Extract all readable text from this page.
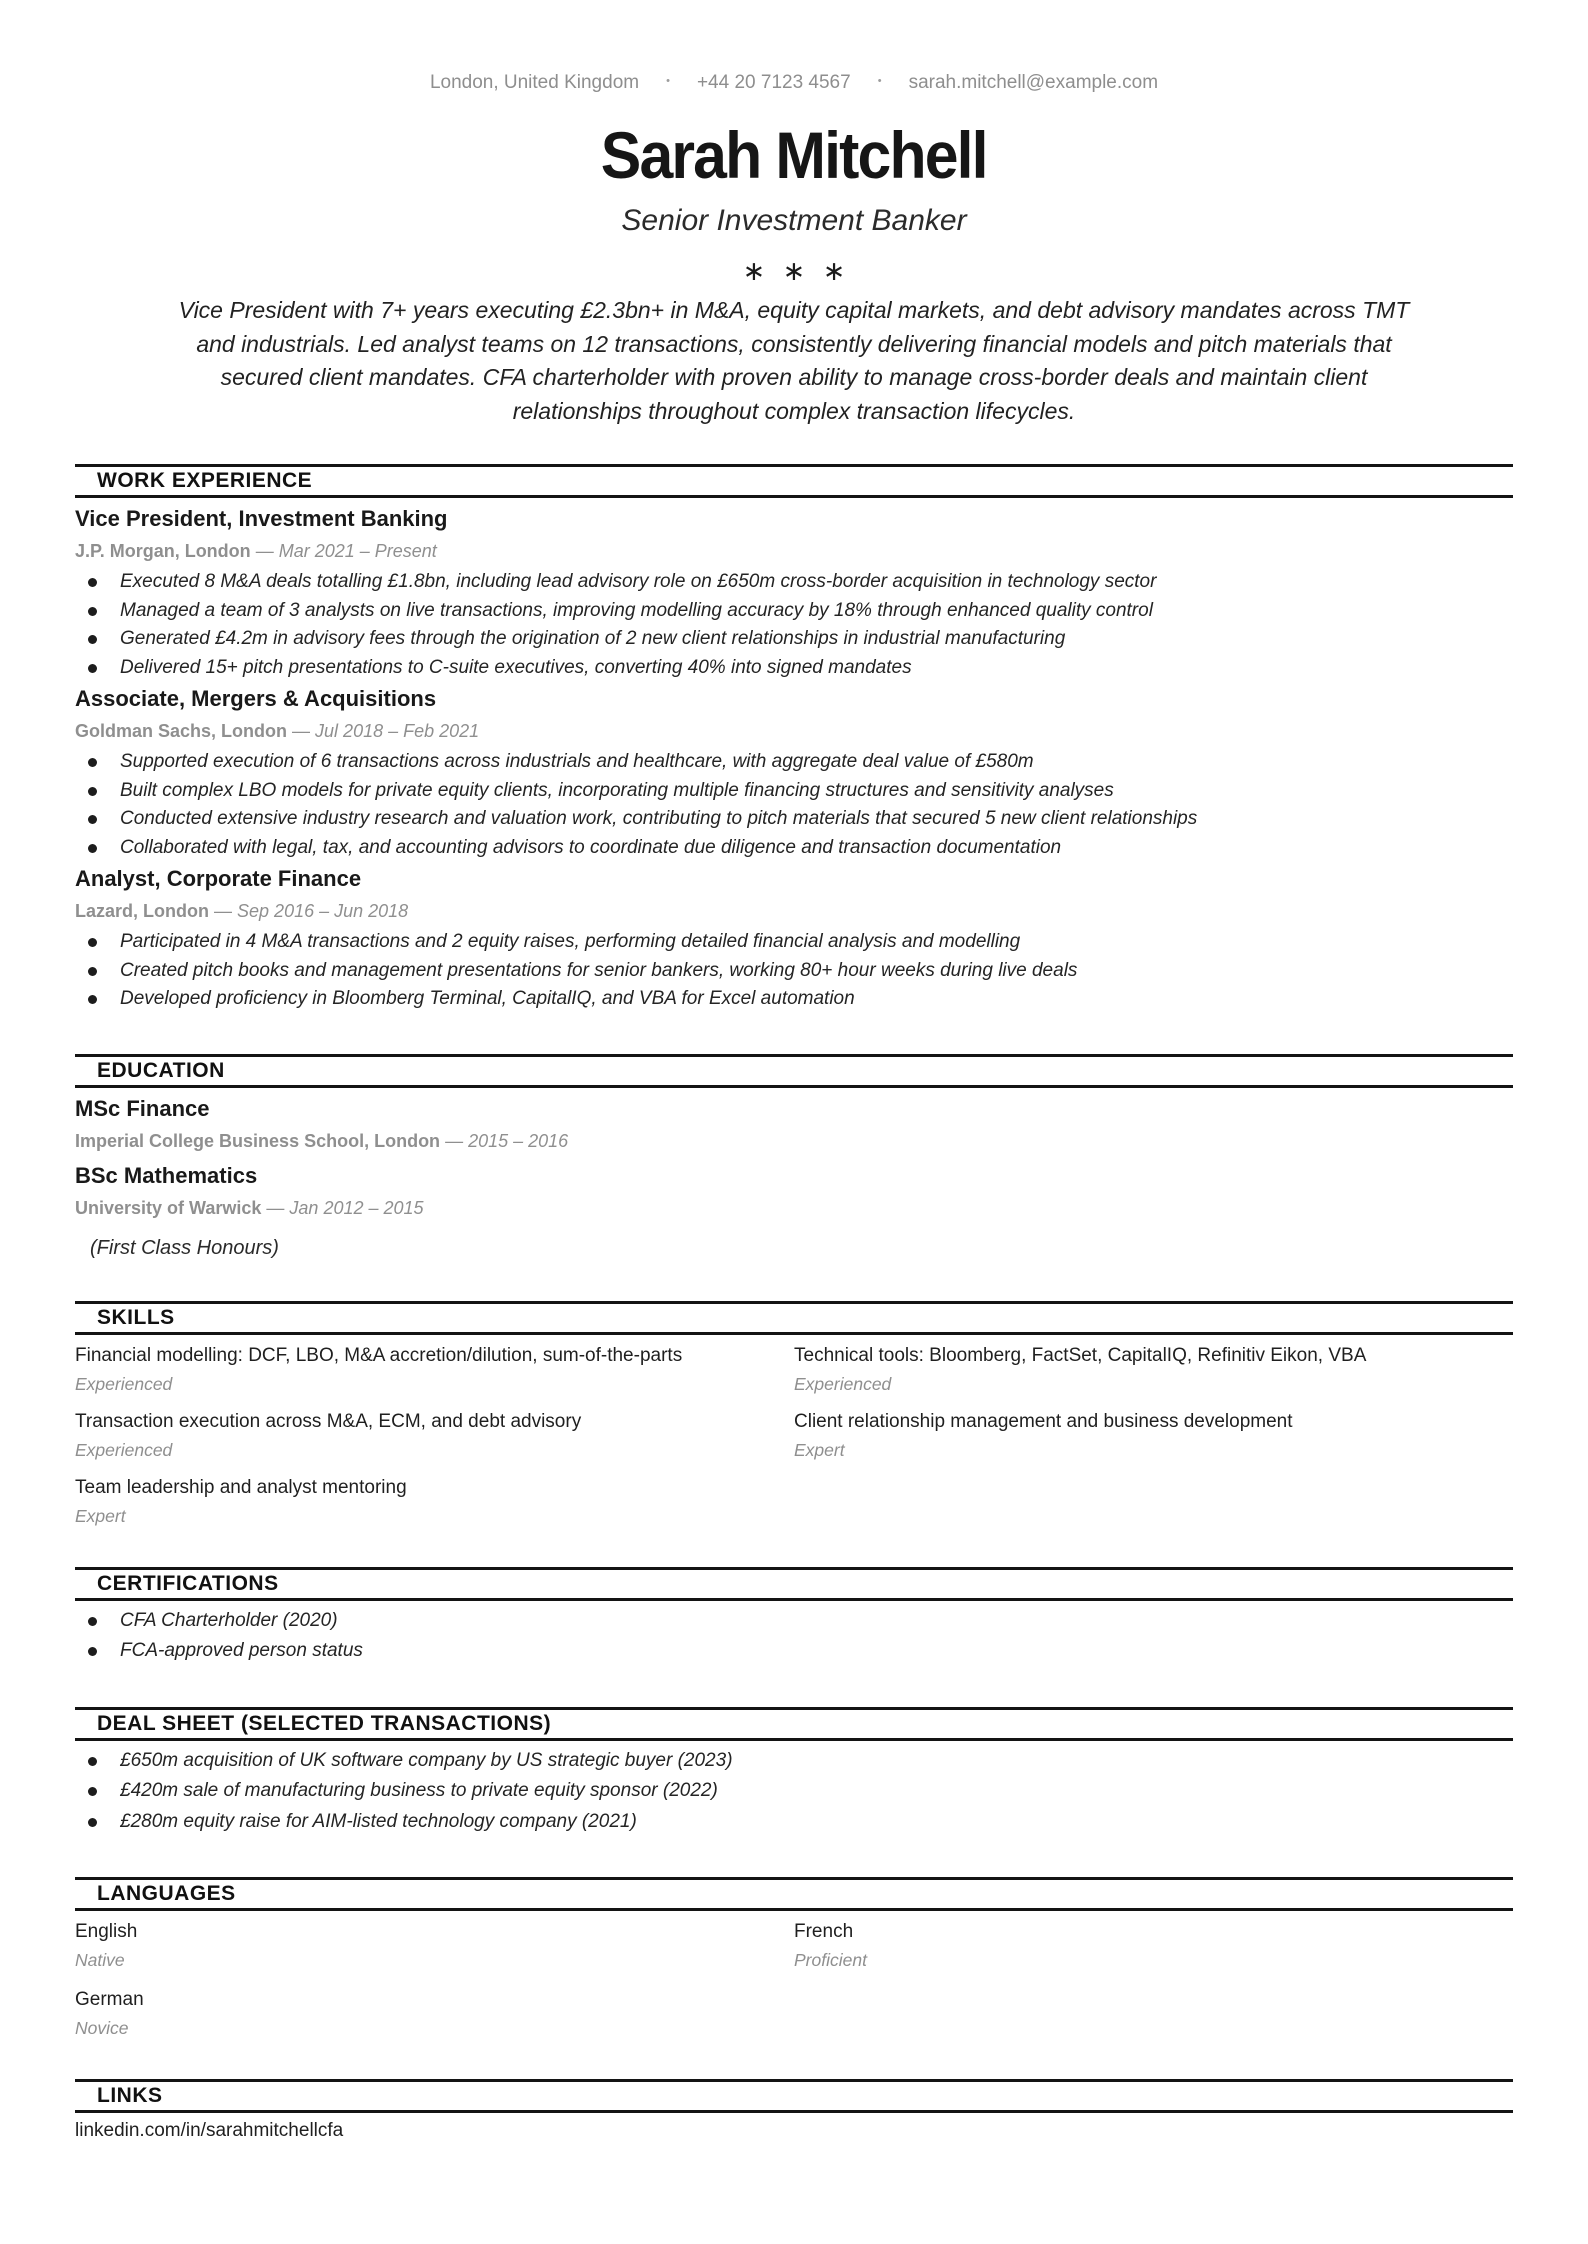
London, United Kingdom • +44 20 7123 4567 • sarah.mitchell@example.com
Sarah Mitchell
Senior Investment Banker
∗ ∗ ∗
Vice President with 7+ years executing £2.3bn+ in M&A, equity capital markets, and debt advisory mandates across TMT
and industrials. Led analyst teams on 12 transactions, consistently delivering financial models and pitch materials that
secured client mandates. CFA charterholder with proven ability to manage cross-border deals and maintain client
relationships throughout complex transaction lifecycles.
WORK EXPERIENCE
Vice President, Investment Banking
J.P. Morgan, London — Mar 2021 – Present
Executed 8 M&A deals totalling £1.8bn, including lead advisory role on £650m cross-border acquisition in technology sector
Managed a team of 3 analysts on live transactions, improving modelling accuracy by 18% through enhanced quality control
Generated £4.2m in advisory fees through the origination of 2 new client relationships in industrial manufacturing
Delivered 15+ pitch presentations to C-suite executives, converting 40% into signed mandates
Associate, Mergers & Acquisitions
Goldman Sachs, London — Jul 2018 – Feb 2021
Supported execution of 6 transactions across industrials and healthcare, with aggregate deal value of £580m
Built complex LBO models for private equity clients, incorporating multiple financing structures and sensitivity analyses
Conducted extensive industry research and valuation work, contributing to pitch materials that secured 5 new client relationships
Collaborated with legal, tax, and accounting advisors to coordinate due diligence and transaction documentation
Analyst, Corporate Finance
Lazard, London — Sep 2016 – Jun 2018
Participated in 4 M&A transactions and 2 equity raises, performing detailed financial analysis and modelling
Created pitch books and management presentations for senior bankers, working 80+ hour weeks during live deals
Developed proficiency in Bloomberg Terminal, CapitalIQ, and VBA for Excel automation
EDUCATION
MSc Finance
Imperial College Business School, London — 2015 – 2016
BSc Mathematics
University of Warwick — Jan 2012 – 2015
(First Class Honours)
SKILLS
Financial modelling: DCF, LBO, M&A accretion/dilution, sum-of-the-parts
Experienced
Technical tools: Bloomberg, FactSet, CapitalIQ, Refinitiv Eikon, VBA
Experienced
Transaction execution across M&A, ECM, and debt advisory
Experienced
Client relationship management and business development
Expert
Team leadership and analyst mentoring
Expert
CERTIFICATIONS
CFA Charterholder (2020)
FCA-approved person status
DEAL SHEET (SELECTED TRANSACTIONS)
£650m acquisition of UK software company by US strategic buyer (2023)
£420m sale of manufacturing business to private equity sponsor (2022)
£280m equity raise for AIM-listed technology company (2021)
LANGUAGES
English
Native
French
Proficient
German
Novice
LINKS
linkedin.com/in/sarahmitchellcfa
